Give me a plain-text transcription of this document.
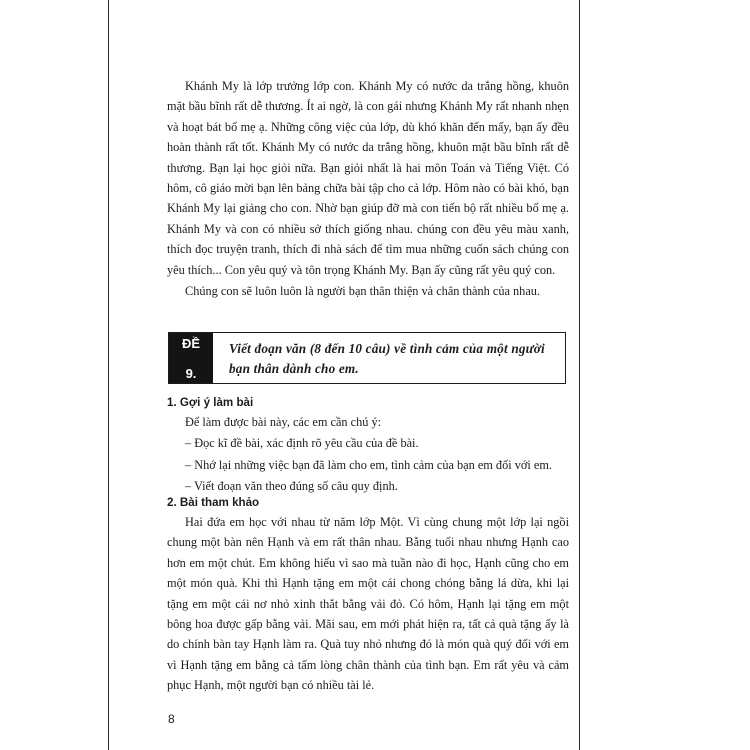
Khánh My là lớp trưởng lớp con. Khánh My có nước da trắng hồng, khuôn mặt bầu bĩnh rất dễ thương. Ít ai ngờ, là con gái nhưng Khánh My rất nhanh nhẹn và hoạt bát bố mẹ ạ. Những công việc của lớp, dù khó khăn đến mấy, bạn ấy đều hoàn thành rất tốt. Khánh My có nước da trắng hồng, khuôn mặt bầu bĩnh rất dễ thương. Bạn lại học giỏi nữa. Bạn giỏi nhất là hai môn Toán và Tiếng Việt. Có hôm, cô giáo mời bạn lên bảng chữa bài tập cho cả lớp. Hôm nào có bài khó, bạn Khánh My lại giảng cho con. Nhờ bạn giúp đỡ mà con tiến bộ rất nhiều bố mẹ ạ. Khánh My và con có nhiều sở thích giống nhau. chúng con đều yêu màu xanh, thích đọc truyện tranh, thích đi nhà sách để tìm mua những cuốn sách chúng con yêu thích... Con yêu quý và tôn trọng Khánh My. Bạn ấy cũng rất yêu quý con.

Chúng con sẽ luôn luôn là người bạn thân thiện và chân thành của nhau.

ĐỀ
9.
Viết đoạn văn (8 đến 10 câu) về tình cảm của một người bạn thân dành cho em.

1. Gợi ý làm bài

Để làm được bài này, các em cần chú ý:

– Đọc kĩ đề bài, xác định rõ yêu cầu của đề bài.

– Nhớ lại những việc bạn đã làm cho em, tình cảm của bạn em đối với em.

– Viết đoạn văn theo đúng số câu quy định.

2. Bài tham khảo

Hai đứa em học với nhau từ năm lớp Một. Vì cùng chung một lớp lại ngồi chung một bàn nên Hạnh và em rất thân nhau. Bằng tuổi nhau nhưng Hạnh cao hơn em một chút. Em không hiểu vì sao mà tuần nào đi học, Hạnh cũng cho em một món quà. Khi thì Hạnh tặng em một cái chong chóng bằng lá dừa, khi lại tặng em một cái nơ nhỏ xinh thắt bằng vải đỏ. Có hôm, Hạnh lại tặng em một bông hoa được gấp bằng vải. Mãi sau, em mới phát hiện ra, tất cả quà tặng ấy là do chính bàn tay Hạnh làm ra. Quà tuy nhỏ nhưng đó là món quà quý đối với em vì Hạnh tặng em bằng cả tấm lòng chân thành của tình bạn. Em rất yêu và cảm phục Hạnh, một người bạn có nhiều tài lẻ.

8
